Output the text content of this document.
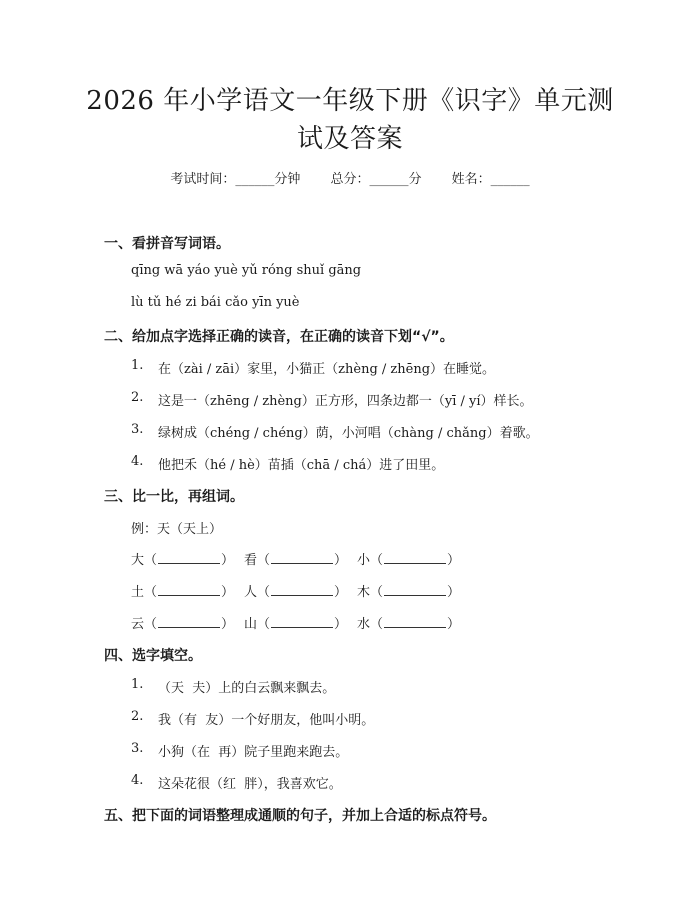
2026 年小学语文一年级下册《识字》单元测
试及答案
考试时间：______分钟　　 总分：______分　　 姓名：______
一、看拼音写词语。
qīng wā yáo yuè yǔ róng shuǐ gāng
lù tǔ hé zi bái cǎo yīn yuè
二、给加点字选择正确的读音，在正确的读音下划“√”。
1.	在（zài / zāi）家里，小猫正（zhèng / zhēng）在睡觉。
2.	这是一（zhēng / zhèng）正方形，四条边都一（yī / yí）样长。
3.	绿树成（chéng / chéng）荫，小河唱（chàng / chǎng）着歌。
4.	他把禾（hé / hè）苗插（chā / chá）进了田里。
三、比一比，再组词。
例：天（天上）
大 （	） 看 （	） 小 （	）
土 （	） 人 （	） 木 （	）
云 （	） 山 （	） 水 （	）
四、选字填空。
1.	（天  夫）上的白云飘来飘去。
2.	我（有  友）一个好朋友，他叫小明。
3.	小狗（在  再）院子里跑来跑去。
4.	这朵花很（红  胖），我喜欢它。
五、把下面的词语整理成通顺的句子，并加上合适的标点符号。
